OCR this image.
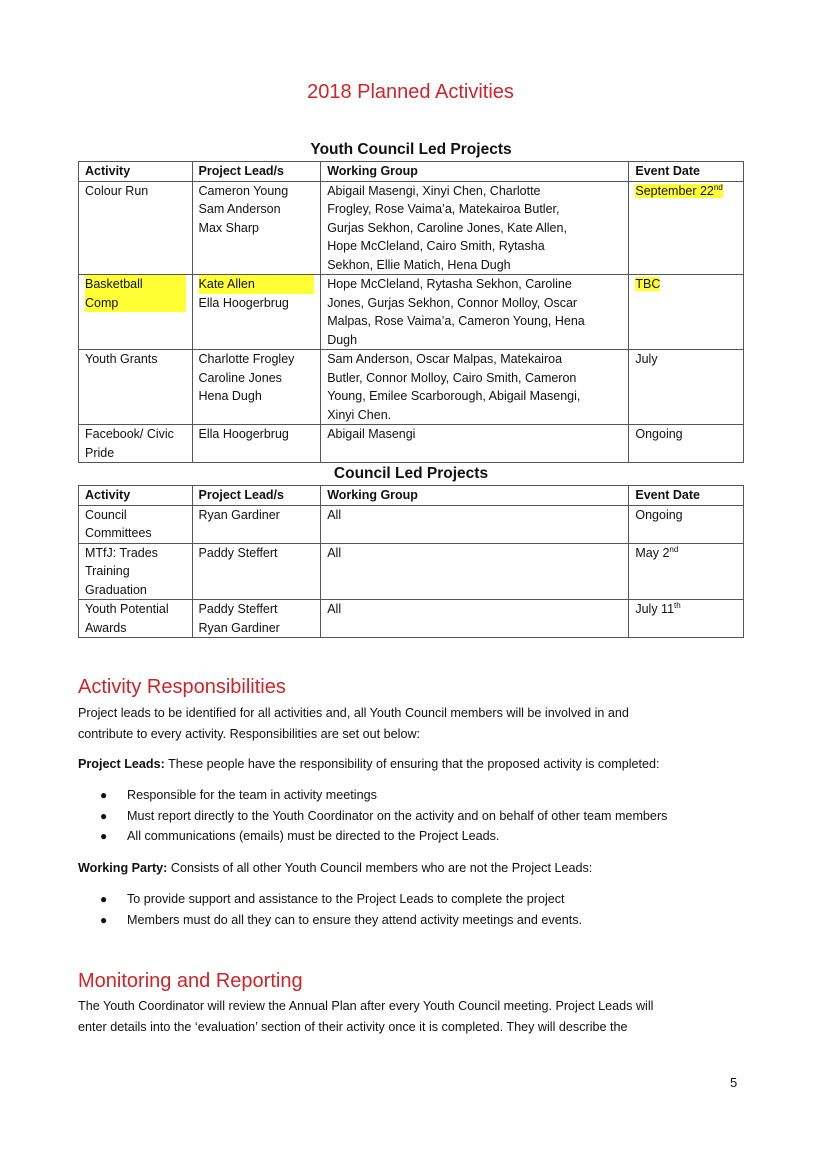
2018 Planned Activities
Youth Council Led Projects
Activity	Project Lead/s	Working Group	Event Date

Colour Run	Cameron Young
Sam Anderson
Max Sharp	Abigail Masengi, Xinyi Chen, Charlotte
Frogley, Rose Vaima’a, Matekairoa Butler,
Gurjas Sekhon, Caroline Jones, Kate Allen,
Hope McCleland, Cairo Smith, Rytasha
Sekhon, Ellie Matich, Hena Dugh	September 22nd

Basketball
Comp	Kate Allen
Ella Hoogerbrug	Hope McCleland, Rytasha Sekhon, Caroline
Jones, Gurjas Sekhon, Connor Molloy, Oscar
Malpas, Rose Vaima’a, Cameron Young, Hena
Dugh	TBC

Youth Grants	Charlotte Frogley
Caroline Jones
Hena Dugh	Sam Anderson, Oscar Malpas, Matekairoa
Butler, Connor Molloy, Cairo Smith, Cameron
Young, Emilee Scarborough, Abigail Masengi,
Xinyi Chen.	July

Facebook/ Civic
Pride	Ella Hoogerbrug	Abigail Masengi	Ongoing
Council Led Projects
Activity	Project Lead/s	Working Group	Event Date

Council
Committees	Ryan Gardiner	All	Ongoing

MTfJ: Trades
Training
Graduation	Paddy Steffert	All	May 2nd

Youth Potential
Awards	Paddy Steffert
Ryan Gardiner	All	July 11th
Activity Responsibilities
Project leads to be identified for all activities and, all Youth Council members will be involved in and
contribute to every activity. Responsibilities are set out below:
Project Leads: These people have the responsibility of ensuring that the proposed activity is completed:
● Responsible for the team in activity meetings
● Must report directly to the Youth Coordinator on the activity and on behalf of other team members
● All communications (emails) must be directed to the Project Leads.
Working Party: Consists of all other Youth Council members who are not the Project Leads:
● To provide support and assistance to the Project Leads to complete the project
● Members must do all they can to ensure they attend activity meetings and events.
Monitoring and Reporting
The Youth Coordinator will review the Annual Plan after every Youth Council meeting. Project Leads will
enter details into the ‘evaluation’ section of their activity once it is completed. They will describe the
5
